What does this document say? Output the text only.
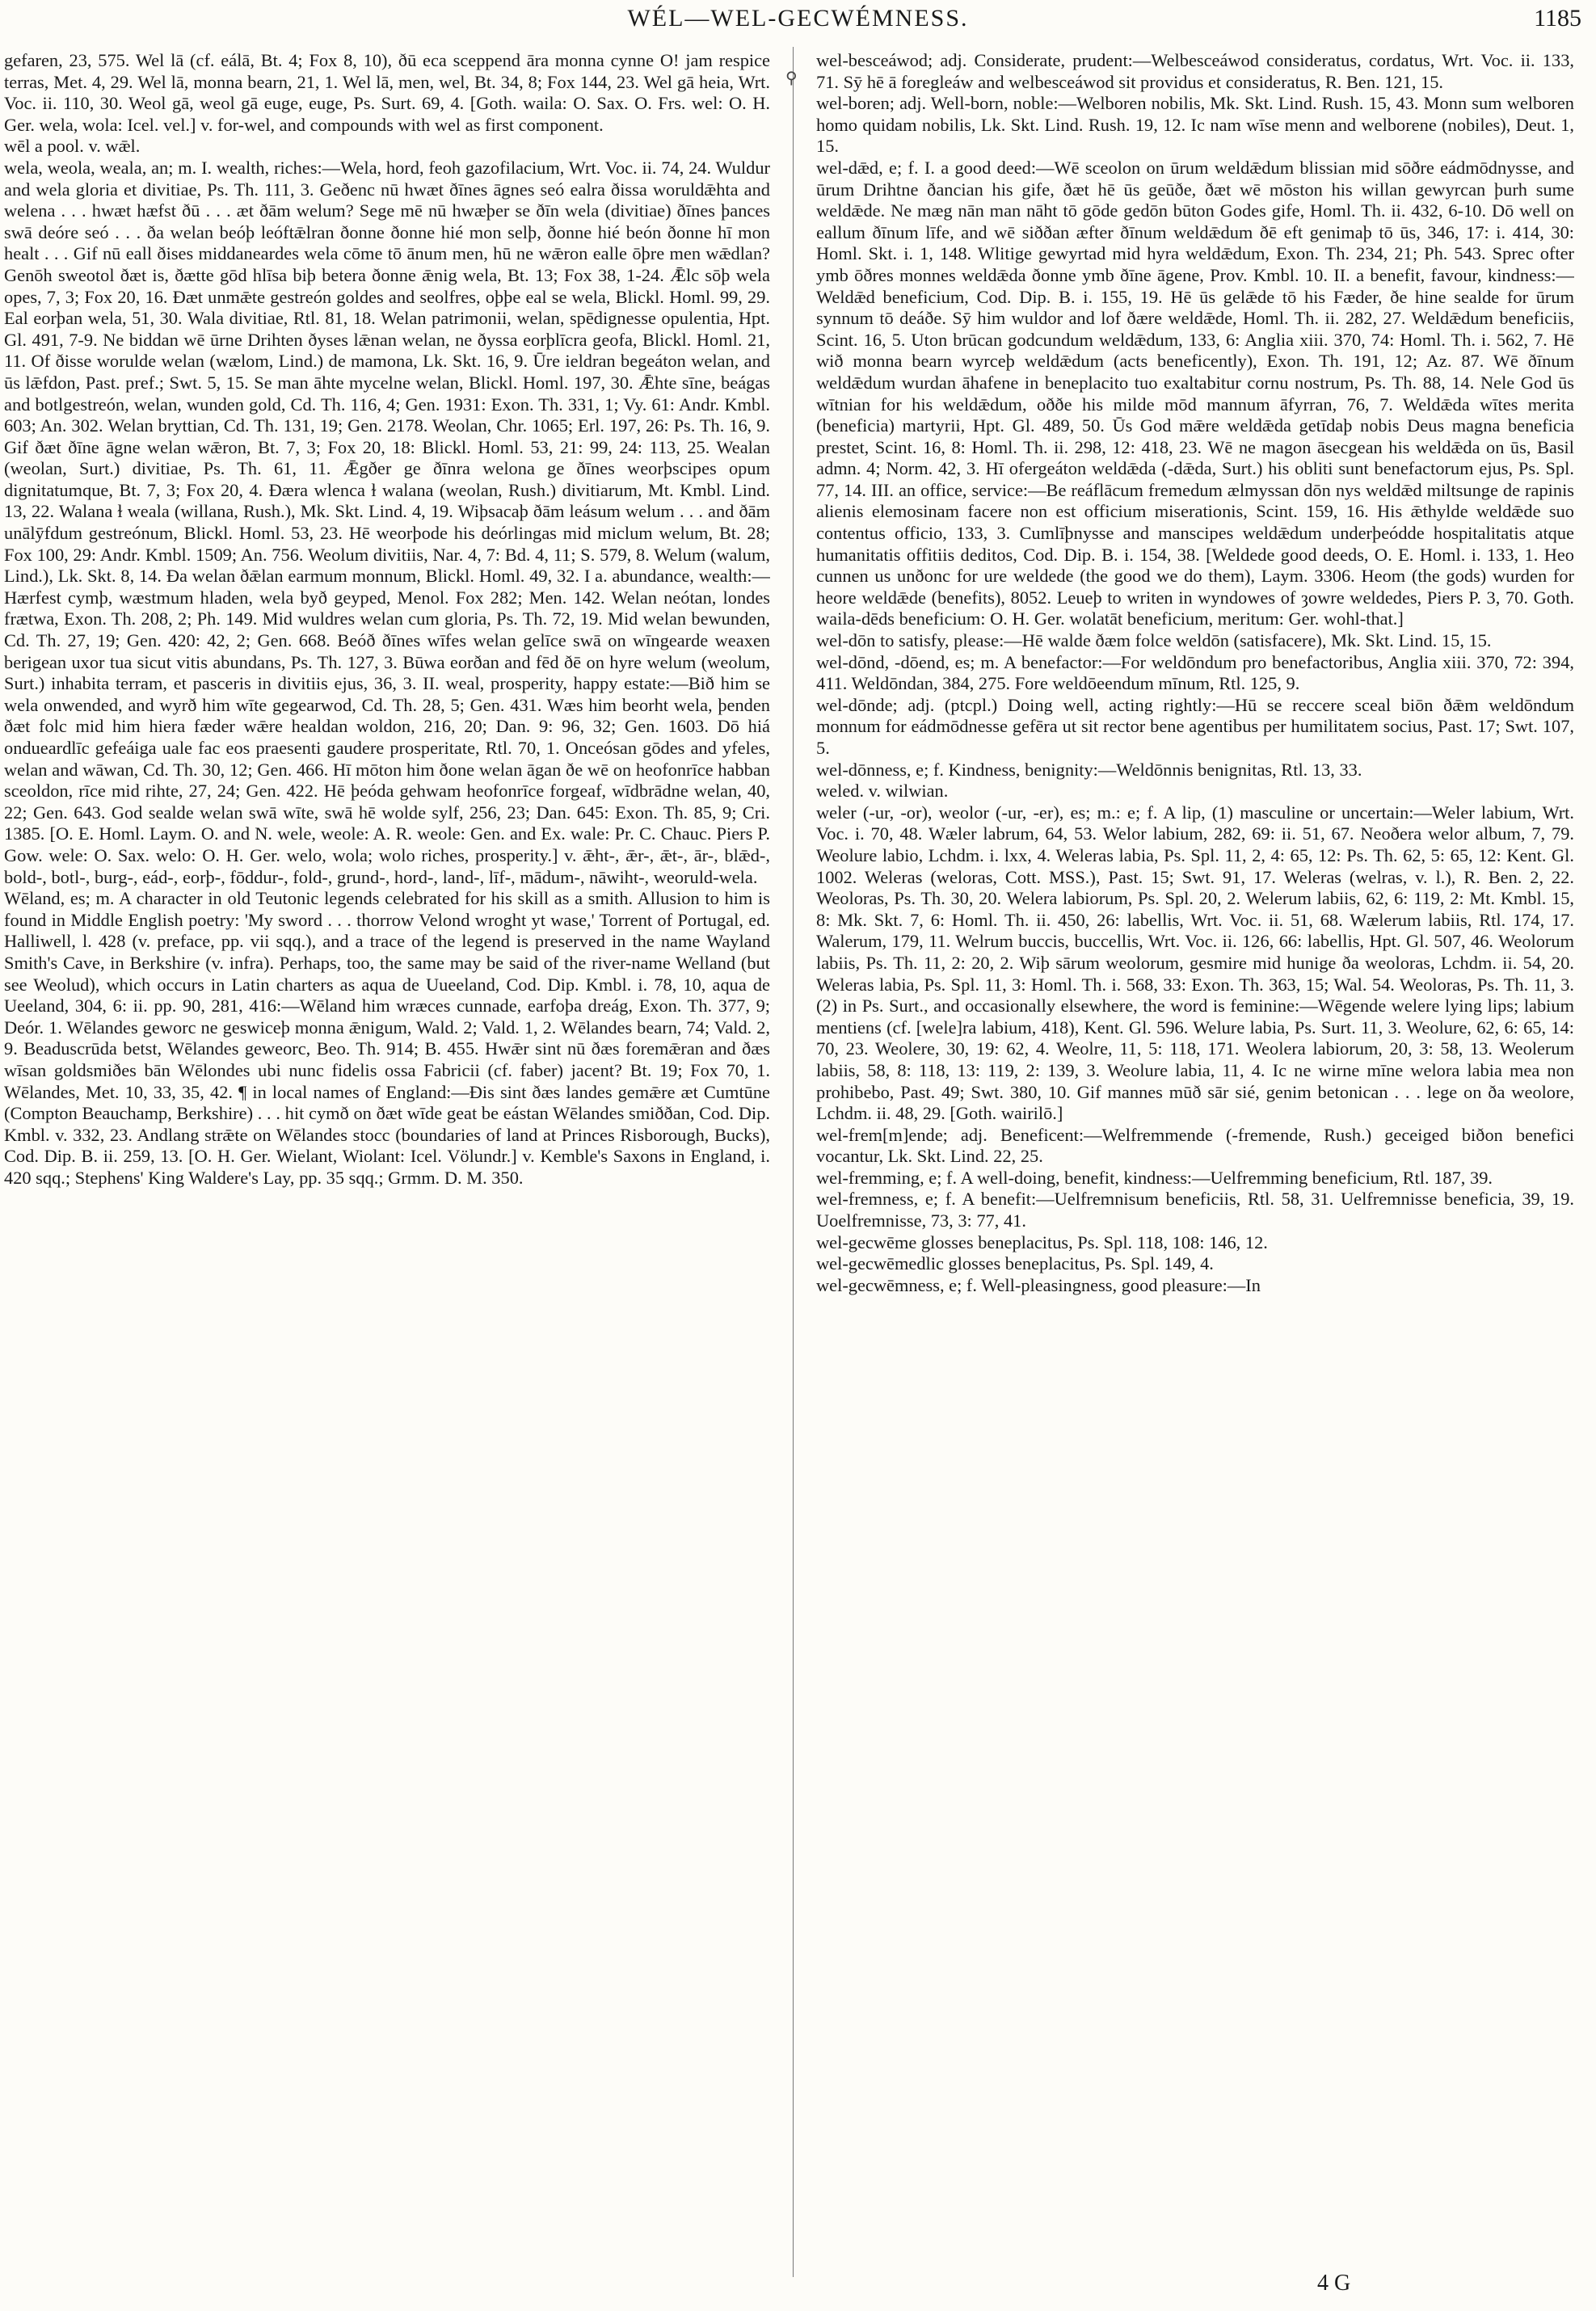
WÉL—WEL-GECWÉMNESS.	1185
⚲

gefaren, 23, 575. Wel lā (cf. eálā, Bt. 4; Fox 8, 10), ðū eca sceppend āra monna cynne O! jam respice terras, Met. 4, 29. Wel lā, monna bearn, 21, 1. Wel lā, men, wel, Bt. 34, 8; Fox 144, 23. Wel gā heia, Wrt. Voc. ii. 110, 30. Weol gā, weol gā euge, euge, Ps. Surt. 69, 4. [Goth. waila: O. Sax. O. Frs. wel: O. H. Ger. wela, wola: Icel. vel.] v. for-wel, and compounds with wel as first component.

wēl a pool. v. wǣl.

wela, weola, weala, an; m. I. wealth, riches:—Wela, hord, feoh gazofilacium, Wrt. Voc. ii. 74, 24. Wuldur and wela gloria et divitiae, Ps. Th. 111, 3. Geðenc nū hwæt ðīnes āgnes seó ealra ðissa woruldǣhta and welena . . . hwæt hæfst ðū . . . æt ðām welum? Sege mē nū hwæþer se ðīn wela (divitiae) ðīnes þances swā deóre seó . . . ða welan beóþ leóftǣlran ðonne ðonne hié mon selþ, ðonne hié beón ðonne hī mon healt . . . Gif nū eall ðises middaneardes wela cōme tō ānum men, hū ne wǣron ealle ōþre men wǣdlan? Genōh sweotol ðæt is, ðætte gōd hlīsa biþ betera ðonne ǣnig wela, Bt. 13; Fox 38, 1-24. Ǣlc sōþ wela opes, 7, 3; Fox 20, 16. Ðæt unmǣte gestreón goldes and seolfres, oþþe eal se wela, Blickl. Homl. 99, 29. Eal eorþan wela, 51, 30. Wala divitiae, Rtl. 81, 18. Welan patrimonii, welan, spēdignesse opulentia, Hpt. Gl. 491, 7-9. Ne biddan wē ūrne Drihten ðyses lǣnan welan, ne ðyssa eorþlīcra geofa, Blickl. Homl. 21, 11. Of ðisse worulde welan (wælom, Lind.) de mamona, Lk. Skt. 16, 9. Ūre ieldran begeáton welan, and ūs lǣfdon, Past. pref.; Swt. 5, 15. Se man āhte mycelne welan, Blickl. Homl. 197, 30. Ǣhte sīne, beágas and botlgestreón, welan, wunden gold, Cd. Th. 116, 4; Gen. 1931: Exon. Th. 331, 1; Vy. 61: Andr. Kmbl. 603; An. 302. Welan bryttian, Cd. Th. 131, 19; Gen. 2178. Weolan, Chr. 1065; Erl. 197, 26: Ps. Th. 16, 9. Gif ðæt ðīne āgne welan wǣron, Bt. 7, 3; Fox 20, 18: Blickl. Homl. 53, 21: 99, 24: 113, 25. Wealan (weolan, Surt.) divitiae, Ps. Th. 61, 11. Ǣgðer ge ðīnra welona ge ðīnes weorþscipes opum dignitatumque, Bt. 7, 3; Fox 20, 4. Ðæra wlenca ɫ walana (weolan, Rush.) divitiarum, Mt. Kmbl. Lind. 13, 22. Walana ɫ weala (willana, Rush.), Mk. Skt. Lind. 4, 19. Wiþsacaþ ðām leásum welum . . . and ðām unālȳfdum gestreónum, Blickl. Homl. 53, 23. Hē weorþode his deórlingas mid miclum welum, Bt. 28; Fox 100, 29: Andr. Kmbl. 1509; An. 756. Weolum divitiis, Nar. 4, 7: Bd. 4, 11; S. 579, 8. Welum (walum, Lind.), Lk. Skt. 8, 14. Ða welan ðǣlan earmum monnum, Blickl. Homl. 49, 32. I a. abundance, wealth:—Hærfest cymþ, wæstmum hladen, wela byð geyped, Menol. Fox 282; Men. 142. Welan neótan, londes frætwa, Exon. Th. 208, 2; Ph. 149. Mid wuldres welan cum gloria, Ps. Th. 72, 19. Mid welan bewunden, Cd. Th. 27, 19; Gen. 420: 42, 2; Gen. 668. Beóð ðīnes wīfes welan gelīce swā on wīngearde weaxen berigean uxor tua sicut vitis abundans, Ps. Th. 127, 3. Būwa eorðan and fēd ðē on hyre welum (weolum, Surt.) inhabita terram, et pasceris in divitiis ejus, 36, 3. II. weal, prosperity, happy estate:—Bið him se wela onwended, and wyrð him wīte gegearwod, Cd. Th. 28, 5; Gen. 431. Wæs him beorht wela, þenden ðæt folc mid him hiera fæder wǣre healdan woldon, 216, 20; Dan. 9: 96, 32; Gen. 1603. Dō hiá ondueardlīc gefeáiga uale fac eos praesenti gaudere prosperitate, Rtl. 70, 1. Onceósan gōdes and yfeles, welan and wāwan, Cd. Th. 30, 12; Gen. 466. Hī mōton him ðone welan āgan ðe wē on heofonrīce habban sceoldon, rīce mid rihte, 27, 24; Gen. 422. Hē þeóda gehwam heofonrīce forgeaf, wīdbrādne welan, 40, 22; Gen. 643. God sealde welan swā wīte, swā hē wolde sylf, 256, 23; Dan. 645: Exon. Th. 85, 9; Cri. 1385. [O. E. Homl. Laym. O. and N. wele, weole: A. R. weole: Gen. and Ex. wale: Pr. C. Chauc. Piers P. Gow. wele: O. Sax. welo: O. H. Ger. welo, wola; wolo riches, prosperity.] v. ǣht-, ǣr-, ǣt-, ār-, blǣd-, bold-, botl-, burg-, eád-, eorþ-, fōddur-, fold-, grund-, hord-, land-, līf-, mādum-, nāwiht-, weoruld-wela.

Wēland, es; m. A character in old Teutonic legends celebrated for his skill as a smith. Allusion to him is found in Middle English poetry: 'My sword . . . thorrow Velond wroght yt wase,' Torrent of Portugal, ed. Halliwell, l. 428 (v. preface, pp. vii sqq.), and a trace of the legend is preserved in the name Wayland Smith's Cave, in Berkshire (v. infra). Perhaps, too, the same may be said of the river-name Welland (but see Weolud), which occurs in Latin charters as aqua de Uueeland, Cod. Dip. Kmbl. i. 78, 10, aqua de Ueeland, 304, 6: ii. pp. 90, 281, 416:—Wēland him wræces cunnade, earfoþa dreág, Exon. Th. 377, 9; Deór. 1. Wēlandes geworc ne geswiceþ monna ǣnigum, Wald. 2; Vald. 1, 2. Wēlandes bearn, 74; Vald. 2, 9. Beaduscrūda betst, Wēlandes geweorc, Beo. Th. 914; B. 455. Hwǣr sint nū ðæs foremǣran and ðæs wīsan goldsmiðes bān Wēlondes ubi nunc fidelis ossa Fabricii (cf. faber) jacent? Bt. 19; Fox 70, 1. Wēlandes, Met. 10, 33, 35, 42. ¶ in local names of England:—Ðis sint ðæs landes gemǣre æt Cumtūne (Compton Beauchamp, Berkshire) . . . hit cymð on ðæt wīde geat be eástan Wēlandes smiððan, Cod. Dip. Kmbl. v. 332, 23. Andlang strǣte on Wēlandes stocc (boundaries of land at Princes Risborough, Bucks), Cod. Dip. B. ii. 259, 13. [O. H. Ger. Wielant, Wiolant: Icel. Völundr.] v. Kemble's Saxons in England, i. 420 sqq.; Stephens' King Waldere's Lay, pp. 35 sqq.; Grmm. D. M. 350.

wel-besceáwod; adj. Considerate, prudent:—Welbesceáwod consideratus, cordatus, Wrt. Voc. ii. 133, 71. Sȳ hē ā foregleáw and welbesceáwod sit providus et consideratus, R. Ben. 121, 15.

wel-boren; adj. Well-born, noble:—Welboren nobilis, Mk. Skt. Lind. Rush. 15, 43. Monn sum welboren homo quidam nobilis, Lk. Skt. Lind. Rush. 19, 12. Ic nam wīse menn and welborene (nobiles), Deut. 1, 15.

wel-dǣd, e; f. I. a good deed:—Wē sceolon on ūrum weldǣdum blissian mid sōðre eádmōdnysse, and ūrum Drihtne ðancian his gife, ðæt hē ūs geūðe, ðæt wē mōston his willan gewyrcan þurh sume weldǣde. Ne mæg nān man nāht tō gōde gedōn būton Godes gife, Homl. Th. ii. 432, 6-10. Dō well on eallum ðīnum līfe, and wē siððan æfter ðīnum weldǣdum ðē eft genimaþ tō ūs, 346, 17: i. 414, 30: Homl. Skt. i. 1, 148. Wlitige gewyrtad mid hyra weldǣdum, Exon. Th. 234, 21; Ph. 543. Sprec ofter ymb ōðres monnes weldǣda ðonne ymb ðīne āgene, Prov. Kmbl. 10. II. a benefit, favour, kindness:—Weldǣd beneficium, Cod. Dip. B. i. 155, 19. Hē ūs gelǣde tō his Fæder, ðe hine sealde for ūrum synnum tō deáðe. Sȳ him wuldor and lof ðære weldǣde, Homl. Th. ii. 282, 27. Weldǣdum beneficiis, Scint. 16, 5. Uton brūcan godcundum weldǣdum, 133, 6: Anglia xiii. 370, 74: Homl. Th. i. 562, 7. Hē wið monna bearn wyrceþ weldǣdum (acts beneficently), Exon. Th. 191, 12; Az. 87. Wē ðīnum weldǣdum wurdan āhafene in beneplacito tuo exaltabitur cornu nostrum, Ps. Th. 88, 14. Nele God ūs wītnian for his weldǣdum, oððe his milde mōd mannum āfyrran, 76, 7. Weldǣda wītes merita (beneficia) martyrii, Hpt. Gl. 489, 50. Ūs God mǣre weldǣda getīdaþ nobis Deus magna beneficia prestet, Scint. 16, 8: Homl. Th. ii. 298, 12: 418, 23. Wē ne magon āsecgean his weldǣda on ūs, Basil admn. 4; Norm. 42, 3. Hī ofergeáton weldǣda (-dǣda, Surt.) his obliti sunt benefactorum ejus, Ps. Spl. 77, 14. III. an office, service:—Be reáflācum fremedum ælmyssan dōn nys weldǣd miltsunge de rapinis alienis elemosinam facere non est officium miserationis, Scint. 159, 16. His ǣthylde weldǣde suo contentus officio, 133, 3. Cumlīþnysse and manscipes weldǣdum underþeóddе hospitalitatis atque humanitatis offitiis deditos, Cod. Dip. B. i. 154, 38. [Weldede good deeds, O. E. Homl. i. 133, 1. Heo cunnen us unðonc for ure weldede (the good we do them), Laym. 3306. Heom (the gods) wurden for heore weldǣde (benefits), 8052. Leueþ to writen in wyndowes of ȝowre weldedes, Piers P. 3, 70. Goth. waila-dēds beneficium: O. H. Ger. wolatāt beneficium, meritum: Ger. wohl-that.]

wel-dōn to satisfy, please:—Hē walde ðæm folce weldōn (satisfacere), Mk. Skt. Lind. 15, 15.

wel-dōnd, -dōend, es; m. A benefactor:—For weldōndum pro benefactoribus, Anglia xiii. 370, 72: 394, 411. Weldōndan, 384, 275. Fore weldōeendum mīnum, Rtl. 125, 9.

wel-dōnde; adj. (ptcpl.) Doing well, acting rightly:—Hū se reccere sceal biōn ðǣm weldōndum monnum for eádmōdnesse gefēra ut sit rector bene agentibus per humilitatem socius, Past. 17; Swt. 107, 5.

wel-dōnness, e; f. Kindness, benignity:—Weldōnnis benignitas, Rtl. 13, 33.

weled. v. wilwian.

weler (-ur, -or), weolor (-ur, -er), es; m.: e; f. A lip, (1) masculine or uncertain:—Weler labium, Wrt. Voc. i. 70, 48. Wæler labrum, 64, 53. Welor labium, 282, 69: ii. 51, 67. Neoðera welor album, 7, 79. Weolure labio, Lchdm. i. lxx, 4. Weleras labia, Ps. Spl. 11, 2, 4: 65, 12: Ps. Th. 62, 5: 65, 12: Kent. Gl. 1002. Weleras (weloras, Cott. MSS.), Past. 15; Swt. 91, 17. Weleras (welras, v. l.), R. Ben. 2, 22. Weoloras, Ps. Th. 30, 20. Welera labiorum, Ps. Spl. 20, 2. Welerum labiis, 62, 6: 119, 2: Mt. Kmbl. 15, 8: Mk. Skt. 7, 6: Homl. Th. ii. 450, 26: labellis, Wrt. Voc. ii. 51, 68. Wælerum labiis, Rtl. 174, 17. Walerum, 179, 11. Welrum buccis, buccellis, Wrt. Voc. ii. 126, 66: labellis, Hpt. Gl. 507, 46. Weolorum labiis, Ps. Th. 11, 2: 20, 2. Wiþ sārum weolorum, gesmire mid hunige ða weoloras, Lchdm. ii. 54, 20. Weleras labia, Ps. Spl. 11, 3: Homl. Th. i. 568, 33: Exon. Th. 363, 15; Wal. 54. Weoloras, Ps. Th. 11, 3. (2) in Ps. Surt., and occasionally elsewhere, the word is feminine:—Wēgende welere lying lips; labium mentiens (cf. [wele]ra labium, 418), Kent. Gl. 596. Welure labia, Ps. Surt. 11, 3. Weolure, 62, 6: 65, 14: 70, 23. Weolere, 30, 19: 62, 4. Weolre, 11, 5: 118, 171. Weolera labiorum, 20, 3: 58, 13. Weolerum labiis, 58, 8: 118, 13: 119, 2: 139, 3. Weolure labia, 11, 4. Ic ne wirne mīne welora labia mea non prohibebo, Past. 49; Swt. 380, 10. Gif mannes mūð sār sié, genim betonican . . . lege on ða weolore, Lchdm. ii. 48, 29. [Goth. wairilō.]

wel-frem[m]ende; adj. Beneficent:—Welfremmende (-fremende, Rush.) geceiged biðon benefici vocantur, Lk. Skt. Lind. 22, 25.

wel-fremming, e; f. A well-doing, benefit, kindness:—Uelfremming beneficium, Rtl. 187, 39.

wel-fremness, e; f. A benefit:—Uelfremnisum beneficiis, Rtl. 58, 31. Uelfremnisse beneficia, 39, 19. Uoelfremnisse, 73, 3: 77, 41.

wel-gecwēme glosses beneplacitus, Ps. Spl. 118, 108: 146, 12.

wel-gecwēmedlic glosses beneplacitus, Ps. Spl. 149, 4.

wel-gecwēmness, e; f. Well-pleasingness, good pleasure:—In

4 G
